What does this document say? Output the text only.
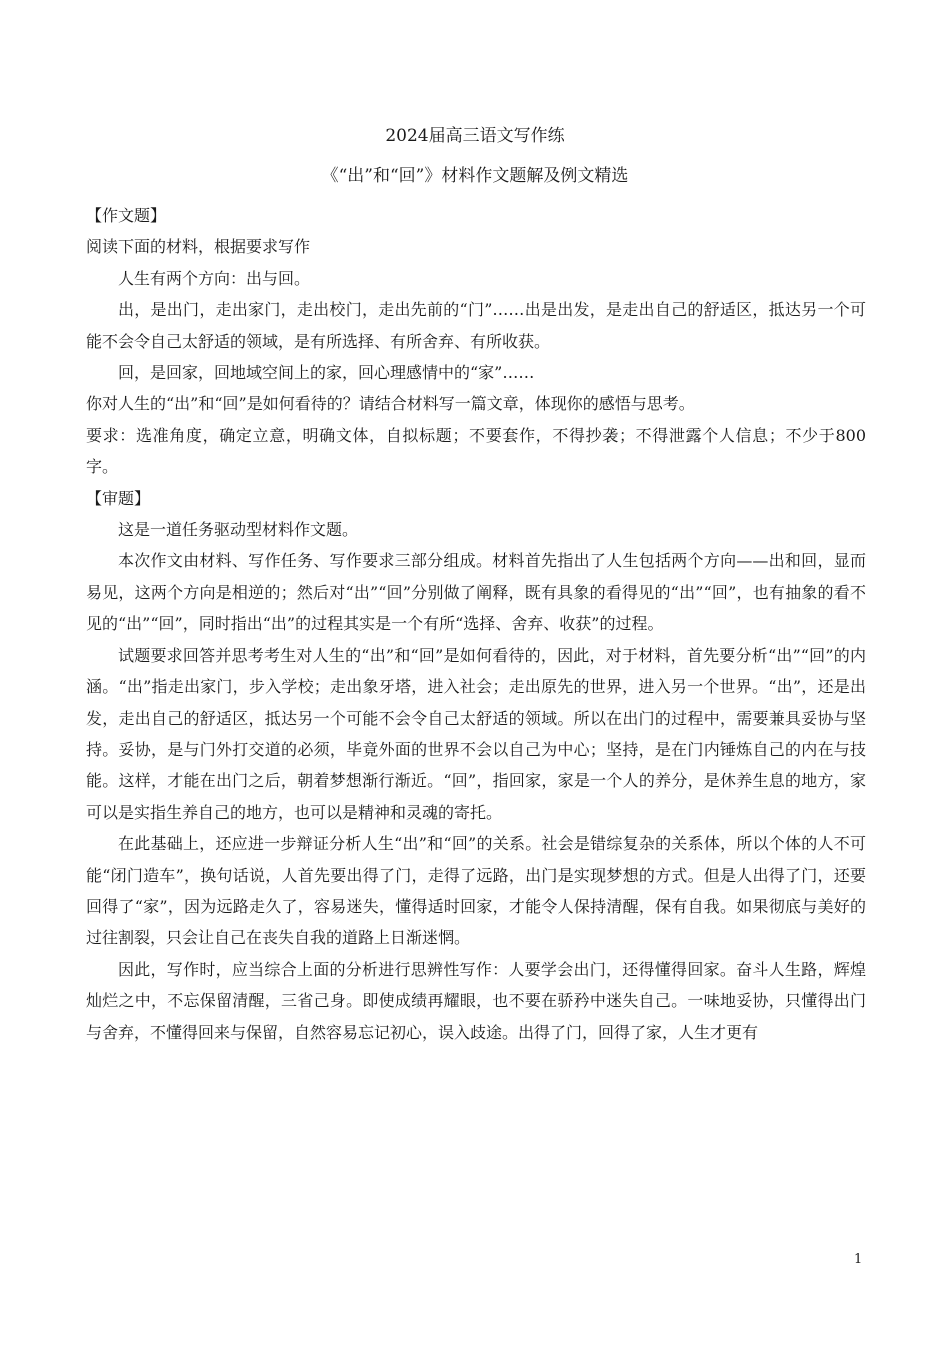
2024届高三语文写作练
《“出”和“回”》材料作文题解及例文精选

【作文题】

阅读下面的材料，根据要求写作

人生有两个方向：出与回。

出，是出门，走出家门，走出校门，走出先前的“门”……出是出发，是走出自己的舒适区，抵达另一个可能不会令自己太舒适的领域，是有所选择、有所舍弃、有所收获。

回，是回家，回地域空间上的家，回心理感情中的“家”……

你对人生的“出”和“回”是如何看待的？请结合材料写一篇文章，体现你的感悟与思考。

要求：选准角度，确定立意，明确文体，自拟标题；不要套作，不得抄袭；不得泄露个人信息；不少于800字。

【审题】

这是一道任务驱动型材料作文题。

本次作文由材料、写作任务、写作要求三部分组成。材料首先指出了人生包括两个方向——出和回，显而易见，这两个方向是相逆的；然后对“出”“回”分别做了阐释，既有具象的看得见的“出”“回”，也有抽象的看不见的“出”“回”，同时指出“出”的过程其实是一个有所“选择、舍弃、收获”的过程。

试题要求回答并思考考生对人生的“出”和“回”是如何看待的，因此，对于材料，首先要分析“出”“回”的内涵。“出”指走出家门，步入学校；走出象牙塔，进入社会；走出原先的世界，进入另一个世界。“出”，还是出发，走出自己的舒适区，抵达另一个可能不会令自己太舒适的领域。所以在出门的过程中，需要兼具妥协与坚持。妥协，是与门外打交道的必须，毕竟外面的世界不会以自己为中心；坚持，是在门内锤炼自己的内在与技能。这样，才能在出门之后，朝着梦想渐行渐近。“回”，指回家，家是一个人的养分，是休养生息的地方，家可以是实指生养自己的地方，也可以是精神和灵魂的寄托。

在此基础上，还应进一步辩证分析人生“出”和“回”的关系。社会是错综复杂的关系体，所以个体的人不可能“闭门造车”，换句话说，人首先要出得了门，走得了远路，出门是实现梦想的方式。但是人出得了门，还要回得了“家”，因为远路走久了，容易迷失，懂得适时回家，才能令人保持清醒，保有自我。如果彻底与美好的过往割裂，只会让自己在丧失自我的道路上日渐迷惘。

因此，写作时，应当综合上面的分析进行思辨性写作：人要学会出门，还得懂得回家。奋斗人生路，辉煌灿烂之中，不忘保留清醒，三省己身。即使成绩再耀眼，也不要在骄矜中迷失自己。一味地妥协，只懂得出门与舍弃，不懂得回来与保留，自然容易忘记初心，误入歧途。出得了门，回得了家，人生才更有

1
